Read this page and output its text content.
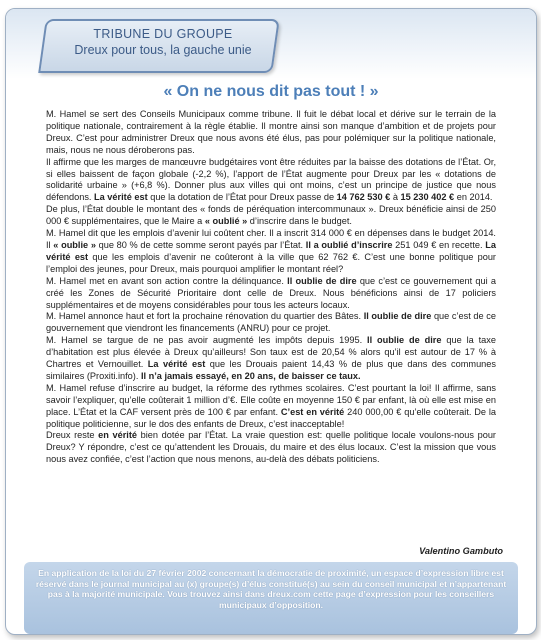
TRIBUNE DU GROUPE
Dreux pour tous, la gauche unie
« On ne nous dit pas tout ! »

M. Hamel se sert des Conseils Municipaux comme tribune. Il fuit le débat local et dérive sur le terrain de la politique nationale, contrairement à la règle établie. Il montre ainsi son manque d’ambition et de projets pour Dreux. C’est pour administrer Dreux que nous avons été élus, pas pour polémiquer sur la politique nationale, mais, nous ne nous déroberons pas.

Il affirme que les marges de manœuvre budgétaires vont être réduites par la baisse des dotations de l’État. Or, si elles baissent de façon globale (-2,2 %), l’apport de l’État augmente pour Dreux par les « dotations de solidarité urbaine » (+6,8 %). Donner plus aux villes qui ont moins, c’est un principe de justice que nous défendons. La vérité est que la dotation de l’État pour Dreux passe de 14 762 530 € à 15 230 402 € en 2014.

De plus, l’État double le montant des « fonds de péréquation intercommunaux ». Dreux bénéficie ainsi de 250 000 € supplémentaires, que le Maire a « oublié » d’inscrire dans le budget.

M. Hamel dit que les emplois d’avenir lui coûtent cher. Il a inscrit 314 000 € en dépenses dans le budget 2014. Il « oublie » que 80 % de cette somme seront payés par l’État. Il a oublié d’inscrire 251 049 € en recette. La vérité est que les emplois d’avenir ne coûteront à la ville que 62 762 €. C’est une bonne politique pour l’emploi des jeunes, pour Dreux, mais pourquoi amplifier le montant réel?

M. Hamel met en avant son action contre la délinquance. Il oublie de dire que c’est ce gouvernement qui a créé les Zones de Sécurité Prioritaire dont celle de Dreux. Nous bénéficions ainsi de 17 policiers supplémentaires et de moyens considérables pour tous les acteurs locaux.

M. Hamel annonce haut et fort la prochaine rénovation du quartier des Bâtes. Il oublie de dire que c’est de ce gouvernement que viendront les financements (ANRU) pour ce projet.

M. Hamel se targue de ne pas avoir augmenté les impôts depuis 1995. Il oublie de dire que la taxe d’habitation est plus élevée à Dreux qu’ailleurs! Son taux est de 20,54 % alors qu’il est autour de 17 % à Chartres et Vernouillet. La vérité est que les Drouais paient 14,43 % de plus que dans des communes similaires (Proxiti.info). Il n’a jamais essayé, en 20 ans, de baisser ce taux.

M. Hamel refuse d’inscrire au budget, la réforme des rythmes scolaires. C’est pourtant la loi! Il affirme, sans savoir l’expliquer, qu’elle coûterait 1 million d’€. Elle coûte en moyenne 150 € par enfant, là où elle est mise en place. L’État et la CAF versent près de 100 € par enfant. C’est en vérité 240 000,00 € qu’elle coûterait. De la politique politicienne, sur le dos des enfants de Dreux, c’est inacceptable!

Dreux reste en vérité bien dotée par l’État. La vraie question est: quelle politique locale voulons-nous pour Dreux? Y répondre, c’est ce qu’attendent les Drouais, du maire et des élus locaux. C’est la mission que vous nous avez confiée, c’est l’action que nous menons, au-delà des débats politiciens.

Valentino Gambuto
En application de la loi du 27 février 2002 concernant la démocratie de proximité, un espace d’expression libre est réservé dans le journal municipal au (x) groupe(s) d’élus constitué(s) au sein du conseil municipal et n’appartenant pas à la majorité municipale. Vous trouvez ainsi dans dreux.com cette page d’expression pour les conseillers municipaux d’opposition.
